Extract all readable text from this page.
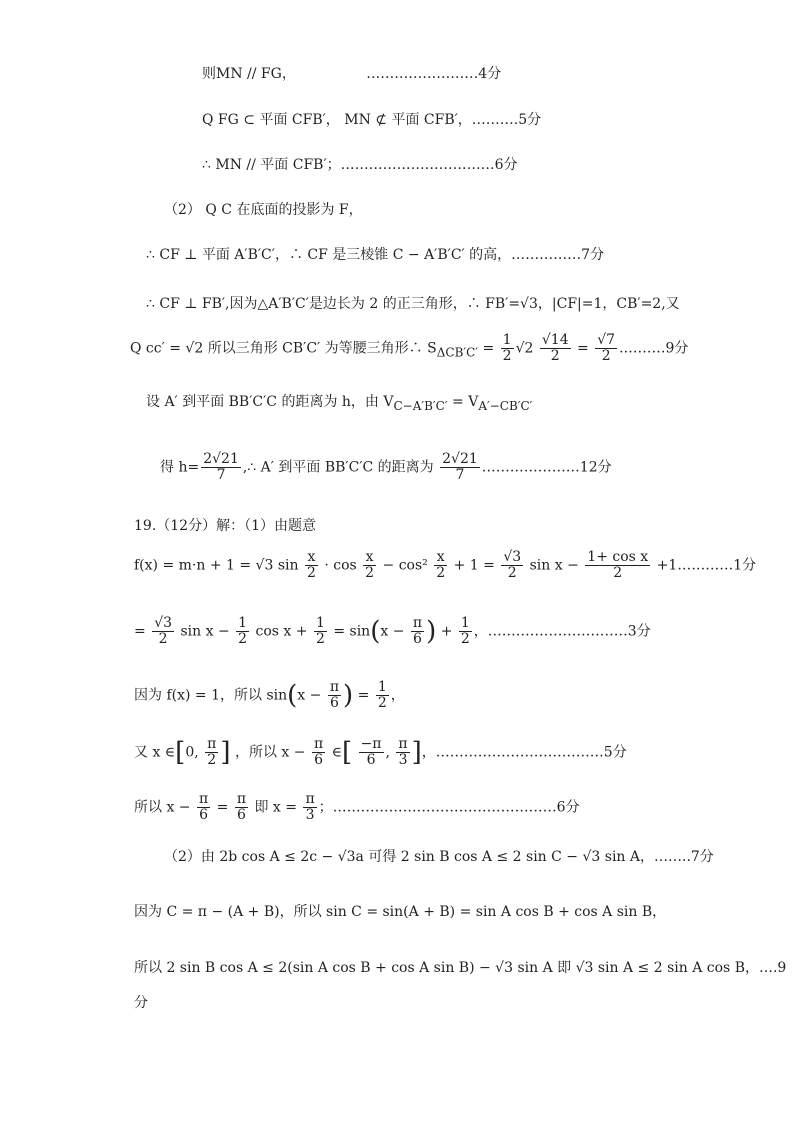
则MN // FG，	……………………4分
Q FG ⊂ 平面 CFB′， MN ⊄ 平面 CFB′，……….5分
∴ MN // 平面 CFB′；……………………………6分
（2） Q C 在底面的投影为 F，
∴ CF ⊥ 平面 A′B′C′，∴ CF 是三棱锥 C − A′B′C′ 的高，……………7分
∴ CF ⊥ FB′,因为△A′B′C′是边长为 2 的正三角形，∴ FB′=√3，|CF|=1，CB′=2,又
Q cc′ = √2 所以三角形 CB′C′ 为等腰三角形∴ $S_{\Delta CB'C'} = \frac{1}{2} √2 \frac{√14}{2} = \frac{√7}{2}$ .………9分
设 A′ 到平面 BB′C′C 的距离为 h，由 $V_{C-A'B'C'} = V_{A'-CB'C'}$
得 $h= \frac{2√21}{7}$ ,∴ A′ 到平面 BB′C′C 的距离为 $\frac{2√21}{7}$ …………………12分
19.（12分）解：（1）由题意
f(x) = m·n + 1 = √3 $\sin \frac{x}{2} \cdot \cos \frac{x}{2} - \cos^2 \frac{x}{2} + 1 = \frac{√3}{2}$ $\sin x - \frac{\text{1+ cos x}}{2}$ +1…………1分
= $\frac{√3}{2}$ $\sin x - \frac{1}{2}$ $\cos x + \frac{1}{2} = \sin(x - \frac{\pi}{6}$ ) + $\frac{1}{2}$ ，…………………………3分
因为 f(x) = 1，所以 $\sin(x - \frac{\pi}{6}$ ) = $\frac{1}{2}$ ，
又 x ∈[0, $\frac{\pi}{2}$ ] ，所以 $x - \frac{\pi}{6}$ ∈[ $\frac{-\pi}{6}$ , $\frac{\pi}{3}$ ]，………………………………5分
所以 $x - \frac{\pi}{6} = \frac{\pi}{6}$ 即 $x = \frac{\pi}{3}$ ；…………………………………………6分
（2）由 2b cos A ≤ 2c − √3a 可得 2 sin B cos A ≤ 2 sin C − √3 sin A，……..7分
因为 C = π − (A + B)，所以 sin C = sin(A + B) = sin A cos B + cos A sin B，
所以 2 sin B cos A ≤ 2(sin A cos B + cos A sin B) − √3 sin A 即 √3 sin A ≤ 2 sin A cos B，….9
分
